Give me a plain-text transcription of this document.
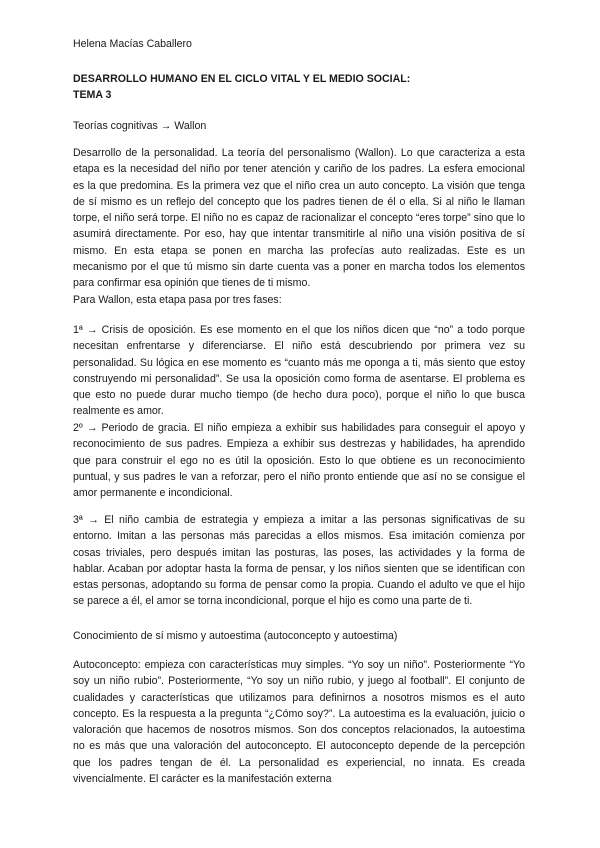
Helena Macías Caballero
DESARROLLO HUMANO EN EL CICLO VITAL Y EL MEDIO SOCIAL:
TEMA 3
Teorías cognitivas → Wallon

Desarrollo de la personalidad. La teoría del personalismo (Wallon). Lo que caracteriza a esta etapa es la necesidad del niño por tener atención y cariño de los padres. La esfera emocional es la que predomina. Es la primera vez que el niño crea un auto concepto. La visión que tenga de sí mismo es un reflejo del concepto que los padres tienen de él o ella. Si al niño le llaman torpe, el niño será torpe. El niño no es capaz de racionalizar el concepto “eres torpe” sino que lo asumirá directamente. Por eso, hay que intentar transmitirle al niño una visión positiva de sí mismo. En esta etapa se ponen en marcha las profecías auto realizadas. Este es un mecanismo por el que tú mismo sin darte cuenta vas a poner en marcha todos los elementos para confirmar esa opinión que tienes de ti mismo.

Para Wallon, esta etapa pasa por tres fases:

1ª → Crisis de oposición. Es ese momento en el que los niños dicen que “no” a todo porque necesitan enfrentarse y diferenciarse. El niño está descubriendo por primera vez su personalidad. Su lógica en ese momento es “cuanto más me oponga a ti, más siento que estoy construyendo mi personalidad”. Se usa la oposición como forma de asentarse. El problema es que esto no puede durar mucho tiempo (de hecho dura poco), porque el niño lo que busca realmente es amor.

2º → Periodo de gracia. El niño empieza a exhibir sus habilidades para conseguir el apoyo y reconocimiento de sus padres. Empieza a exhibir sus destrezas y habilidades, ha aprendido que para construir el ego no es útil la oposición. Esto lo que obtiene es un reconocimiento puntual, y sus padres le van a reforzar, pero el niño pronto entiende que así no se consigue el amor permanente e incondicional.

3ª → El niño cambia de estrategia y empieza a imitar a las personas significativas de su entorno. Imitan a las personas más parecidas a ellos mismos. Esa imitación comienza por cosas triviales, pero después imitan las posturas, las poses, las actividades y la forma de hablar. Acaban por adoptar hasta la forma de pensar, y los niños sienten que se identifican con estas personas, adoptando su forma de pensar como la propia. Cuando el adulto ve que el hijo se parece a él, el amor se torna incondicional, porque el hijo es como una parte de ti.

Conocimiento de sí mismo y autoestima (autoconcepto y autoestima)

Autoconcepto: empieza con características muy simples. “Yo soy un niño”. Posteriormente “Yo soy un niño rubio”. Posteriormente, “Yo soy un niño rubio, y juego al football”. El conjunto de cualidades y características que utilizamos para definirnos a nosotros mismos es el auto concepto. Es la respuesta a la pregunta “¿Cómo soy?”. La autoestima es la evaluación, juicio o valoración que hacemos de nosotros mismos. Son dos conceptos relacionados, la autoestima no es más que una valoración del autoconcepto. El autoconcepto depende de la percepción que los padres tengan de él. La personalidad es experiencial, no innata. Es creada vivencialmente. El carácter es la manifestación externa
